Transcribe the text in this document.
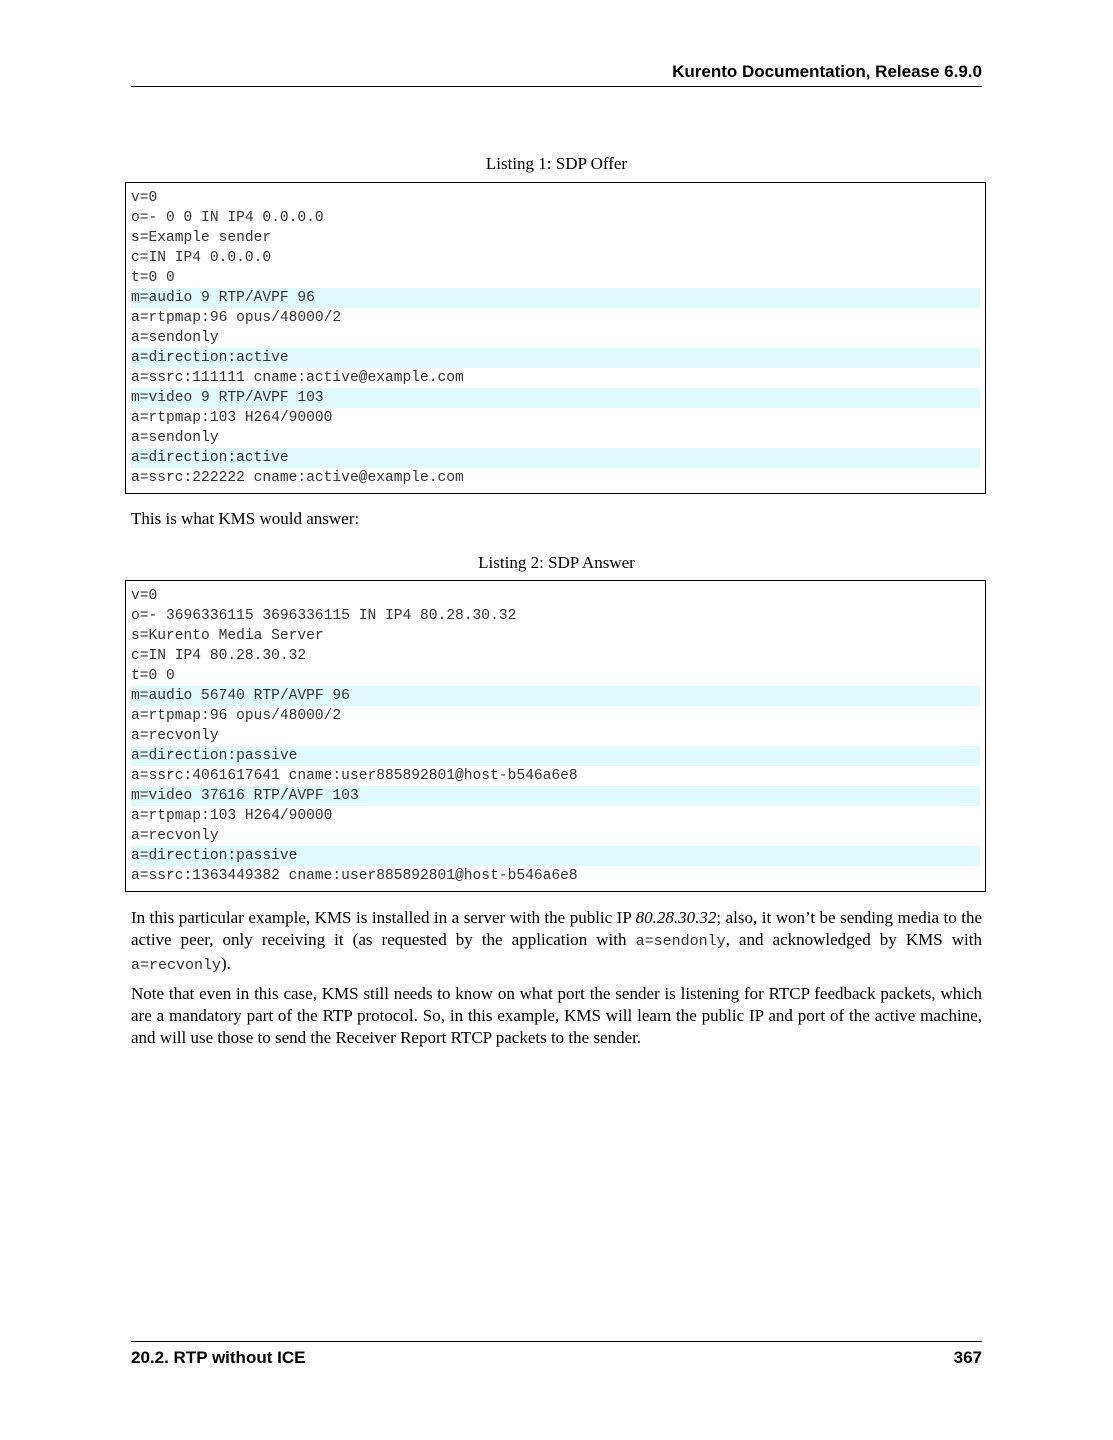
Kurento Documentation, Release 6.9.0
Listing 1: SDP Offer
v=0
o=- 0 0 IN IP4 0.0.0.0
s=Example sender
c=IN IP4 0.0.0.0
t=0 0
m=audio 9 RTP/AVPF 96
a=rtpmap:96 opus/48000/2
a=sendonly
a=direction:active
a=ssrc:111111 cname:active@example.com
m=video 9 RTP/AVPF 103
a=rtpmap:103 H264/90000
a=sendonly
a=direction:active
a=ssrc:222222 cname:active@example.com
This is what KMS would answer:
Listing 2: SDP Answer
v=0
o=- 3696336115 3696336115 IN IP4 80.28.30.32
s=Kurento Media Server
c=IN IP4 80.28.30.32
t=0 0
m=audio 56740 RTP/AVPF 96
a=rtpmap:96 opus/48000/2
a=recvonly
a=direction:passive
a=ssrc:4061617641 cname:user885892801@host-b546a6e8
m=video 37616 RTP/AVPF 103
a=rtpmap:103 H264/90000
a=recvonly
a=direction:passive
a=ssrc:1363449382 cname:user885892801@host-b546a6e8
In this particular example, KMS is installed in a server with the public IP 80.28.30.32; also, it won’t be sending media to the active peer, only receiving it (as requested by the application with a=sendonly, and acknowledged by KMS with a=recvonly).
Note that even in this case, KMS still needs to know on what port the sender is listening for RTCP feedback packets, which are a mandatory part of the RTP protocol. So, in this example, KMS will learn the public IP and port of the active machine, and will use those to send the Receiver Report RTCP packets to the sender.
20.2. RTP without ICE	367
